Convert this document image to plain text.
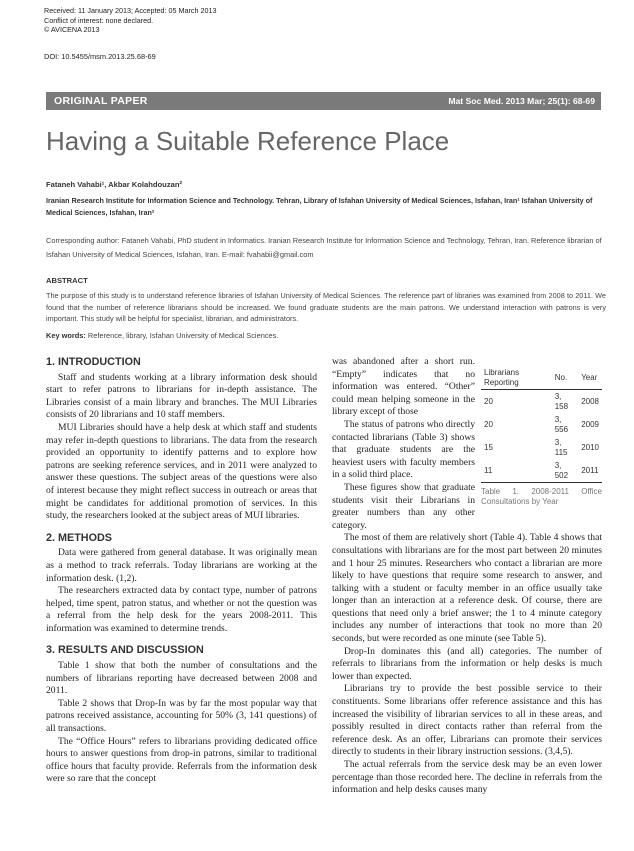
Received: 11 January 2013; Accepted: 05 March 2013
Conflict of interest: none declared.
© AVICENA 2013
DOI: 10.5455/msm.2013.25.68-69
ORIGINAL PAPER	Mat Soc Med. 2013 Mar; 25(1): 68-69
Having a Suitable Reference Place
Fataneh Vahabi¹, Akbar Kolahdouzan²
Iranian Research Institute for Information Science and Technology. Tehran, Library of Isfahan University of Medical Sciences, Isfahan, Iran¹ Isfahan University of Medical Sciences, Isfahan, Iran²
Corresponding author: Fataneh Vahabi, PhD student in Informatics. Iranian Research Institute for Information Science and Technology, Tehran, Iran. Reference librarian of Isfahan University of Medical Sciences, Isfahan, Iran. E-mail: fvahabii@gmail.com
ABSTRACT
The purpose of this study is to understand reference libraries of Isfahan University of Medical Sciences. The reference part of libraries was examined from 2008 to 2011. We found that the number of reference librarians should be increased. We found graduate students are the main patrons. We understand interaction with patrons is very important. This study will be helpful for specialist, librarian, and administrators.
Key words: Reference, library, Isfahan University of Medical Sciences.
1. INTRODUCTION

Staff and students working at a library information desk should start to refer patrons to librarians for in-depth assistance. The Libraries consist of a main library and branches. The MUI Libraries consists of 20 librarians and 10 staff members.

MUI Libraries should have a help desk at which staff and students may refer in-depth questions to librarians. The data from the research provided an opportunity to identify patterns and to explore how patrons are seeking reference services, and in 2011 were analyzed to answer these questions. The subject areas of the questions were also of interest because they might reflect success in outreach or areas that might be candidates for additional promotion of services. In this study, the researchers looked at the subject areas of MUI libraries.

2. METHODS

Data were gathered from general database. It was originally mean as a method to track referrals. Today librarians are working at the information desk. (1,2).

The researchers extracted data by contact type, number of patrons helped, time spent, patron status, and whether or not the question was a referral from the help desk for the years 2008-2011. This information was examined to determine trends.

3. RESULTS AND DISCUSSION

Table 1 show that both the number of consultations and the numbers of librarians reporting have decreased between 2008 and 2011.

Table 2 shows that Drop-In was by far the most popular way that patrons received assistance, accounting for 50% (3, 141 questions) of all transactions.

The “Office Hours” refers to librarians providing dedicated office hours to answer questions from drop-in patrons, similar to traditional office hours that faculty provide. Referrals from the information desk were so rare that the concept

Librarians Reporting	No.	Year
20	3, 158	2008
20	3, 556	2009
15	3, 115	2010
11	3, 502	2011
Table 1. 2008-2011 Office Consultations by Year

was abandoned after a short run. “Empty” indicates that no information was entered. “Other” could mean helping someone in the library except of those

The status of patrons who directly contacted librarians (Table 3) shows that graduate students are the heaviest users with faculty members in a solid third place.

These figures show that graduate students visit their Librarians in greater numbers than any other category.

The most of them are relatively short (Table 4). Table 4 shows that consultations with librarians are for the most part between 20 minutes and 1 hour 25 minutes. Researchers who contact a librarian are more likely to have questions that require some research to answer, and talking with a student or faculty member in an office usually take longer than an interaction at a reference desk. Of course, there are questions that need only a brief answer; the 1 to 4 minute category includes any number of interactions that took no more than 20 seconds, but were recorded as one minute (see Table 5).

Drop-In dominates this (and all) categories. The number of referrals to librarians from the information or help desks is much lower than expected.

Librarians try to provide the best possible service to their constituents. Some librarians offer reference assistance and this has increased the visibility of librarian services to all in these areas, and possibly resulted in direct contacts rather than referral from the reference desk. As an offer, Librarians can promote their services directly to students in their library instruction sessions. (3,4,5).

The actual referrals from the service desk may be an even lower percentage than those recorded here. The decline in referrals from the information and help desks causes many
